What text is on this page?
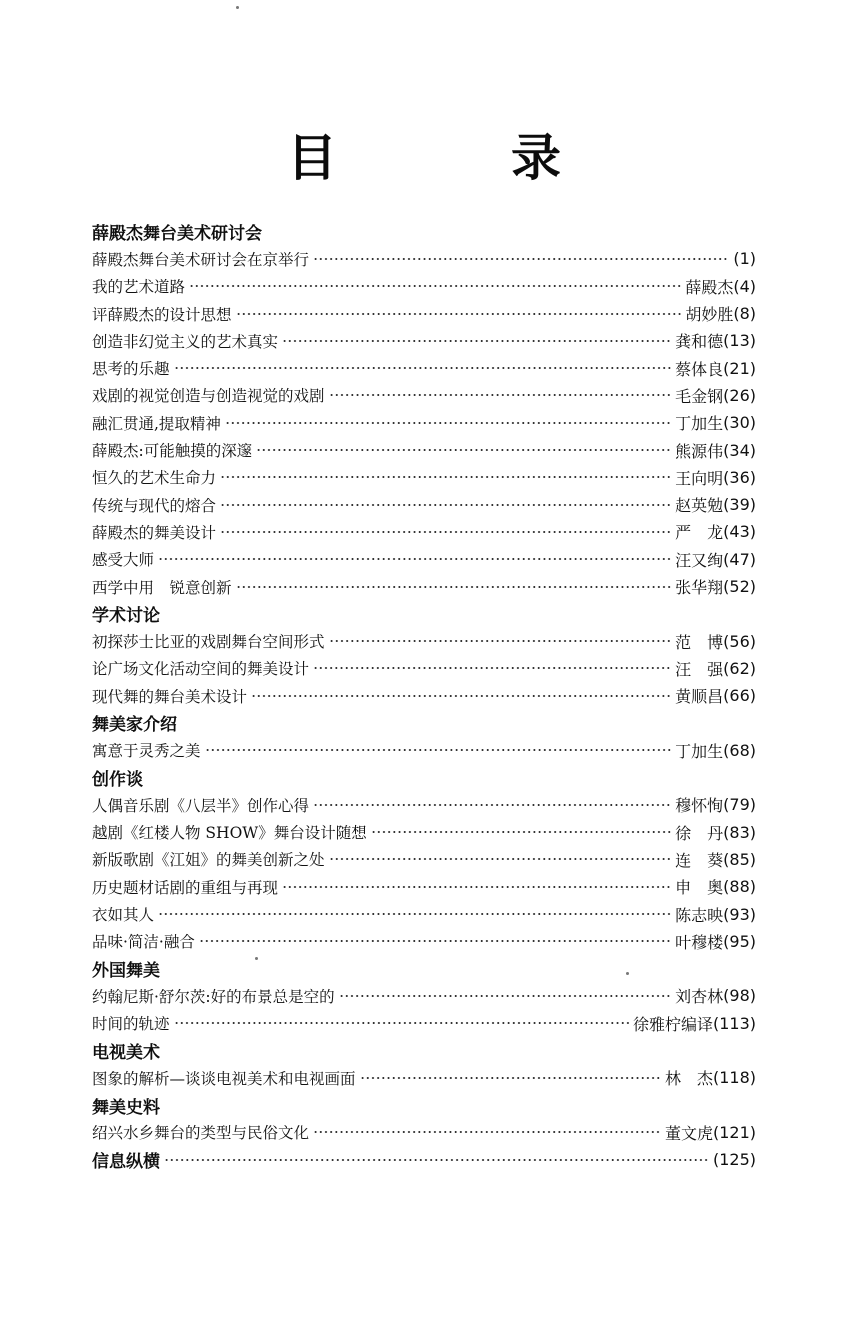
目　录
薛殿杰舞台美术研讨会
薛殿杰舞台美术研讨会在京举行	(1)
我的艺术道路	薛殿杰 (4)
评薛殿杰的设计思想	胡妙胜 (8)
创造非幻觉主义的艺术真实	龚和德 (13)
思考的乐趣	蔡体良 (21)
戏剧的视觉创造与创造视觉的戏剧	毛金钢 (26)
融汇贯通,提取精神	丁加生 (30)
薛殿杰:可能触摸的深邃	熊源伟 (34)
恒久的艺术生命力	王向明 (36)
传统与现代的熔合	赵英勉 (39)
薛殿杰的舞美设计	严　龙 (43)
感受大师	汪又绚 (47)
西学中用　锐意创新	张华翔 (52)
学术讨论
初探莎士比亚的戏剧舞台空间形式	范　博 (56)
论广场文化活动空间的舞美设计	汪　强 (62)
现代舞的舞台美术设计	黄顺昌 (66)
舞美家介绍
寓意于灵秀之美	丁加生 (68)
创作谈
人偶音乐剧《八层半》创作心得	穆怀恂 (79)
越剧《红楼人物 SHOW》舞台设计随想	徐　丹 (83)
新版歌剧《江姐》的舞美创新之处	连　葵 (85)
历史题材话剧的重组与再现	申　奥 (88)
衣如其人	陈志映 (93)
品味·简洁·融合	叶穆楼 (95)
外国舞美
约翰尼斯·舒尔茨:好的布景总是空的	刘杏林 (98)
时间的轨迹	徐雅柠编译 (113)
电视美术
图象的解析—谈谈电视美术和电视画面	林　杰 (118)
舞美史料
绍兴水乡舞台的类型与民俗文化	董文虎 (121)
信息纵横	(125)
